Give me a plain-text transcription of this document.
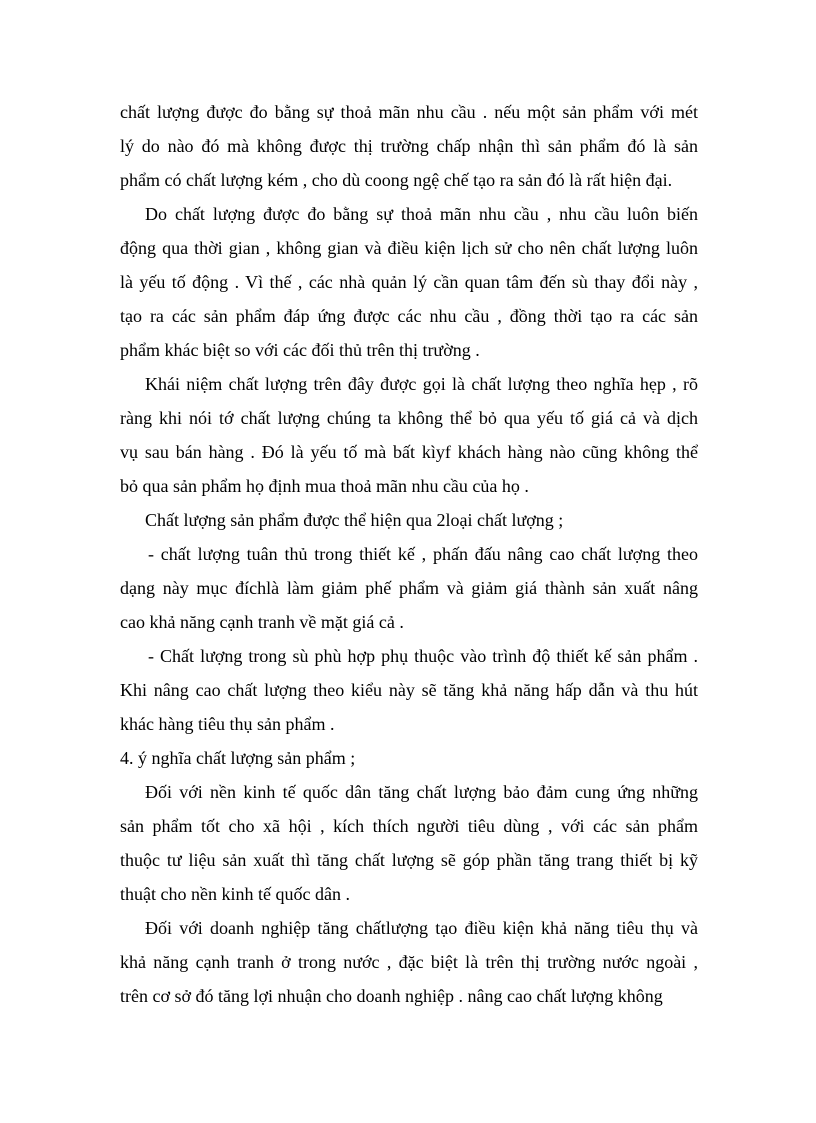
chất lượng được đo bằng sự thoả mãn nhu cầu . nếu một sản phẩm với mét
lý do nào đó mà không được thị trường chấp nhận thì sản phẩm đó là sản
phẩm có chất lượng kém , cho dù coong ngệ chế tạo ra sản đó là rất hiện đại.
Do chất lượng được đo bằng sự thoả mãn nhu cầu , nhu cầu luôn biến
động qua thời gian , không gian và điều kiện lịch sử cho nên chất lượng luôn
là yếu tố động . Vì thế , các nhà quản lý cần quan tâm đến sù thay đổi này ,
tạo ra các sản phẩm đáp ứng được các nhu cầu , đồng thời tạo ra các sản
phẩm khác biệt so với các đối thủ trên thị trường .
Khái niệm chất lượng trên đây được gọi là chất lượng theo nghĩa hẹp , rõ
ràng khi nói tớ chất lượng chúng ta không thể bỏ qua yếu tố giá cả và dịch
vụ sau bán hàng . Đó là yếu tố mà bất kìyf khách hàng nào cũng không thể
bỏ qua sản phẩm họ định mua thoả mãn nhu cầu của họ .
Chất lượng sản phẩm được thể hiện qua 2loại chất lượng ;
- chất lượng tuân thủ trong thiết kế , phấn đấu nâng cao chất lượng theo
dạng này mục đíchlà làm giảm phế phẩm và giảm giá thành sản xuất nâng
cao khả năng cạnh tranh về mặt giá cả .
- Chất lượng trong sù phù hợp phụ thuộc vào trình độ thiết kế sản phẩm .
Khi nâng cao chất lượng theo kiểu này sẽ tăng khả năng hấp dẫn và thu hút
khác hàng tiêu thụ sản phẩm .
4. ý nghĩa chất lượng sản phẩm ;
Đối với nền kinh tế quốc dân tăng chất lượng bảo đảm cung ứng những
sản phẩm tốt cho xã hội , kích thích người tiêu dùng , với các sản phẩm
thuộc tư liệu sản xuất thì tăng chất lượng sẽ góp phần tăng trang thiết bị kỹ
thuật cho nền kinh tế quốc dân .
Đối với doanh nghiệp tăng chấtlượng tạo điều kiện khả năng tiêu thụ và
khả năng cạnh tranh ở trong nước , đặc biệt là trên thị trường nước ngoài ,
trên cơ sở đó tăng lợi nhuận cho doanh nghiệp . nâng cao chất lượng không
